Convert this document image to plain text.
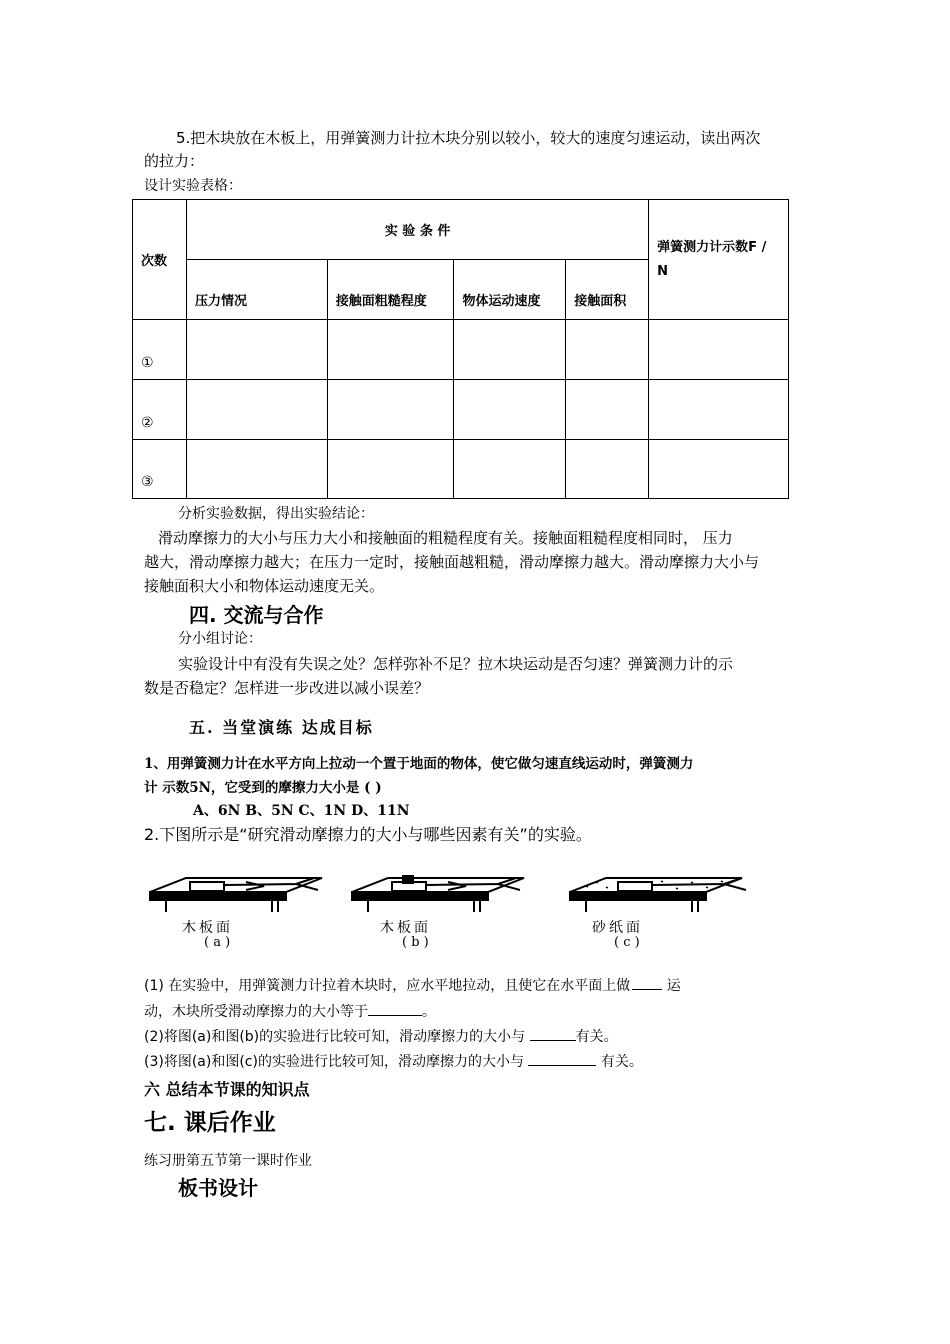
5.把木块放在木板上，用弹簧测力计拉木块分别以较小，较大的速度匀速运动，读出两次
的拉力：
设计实验表格：
次数	实 验 条 件				弹簧测力计示数F / N
	压力情况	接触面粗糙程度	物体运动速度	接触面积	
①					
②					
③					
分析实验数据，得出实验结论：
滑动摩擦力的大小与压力大小和接触面的粗糙程度有关。接触面粗糙程度相同时， 压力
越大，滑动摩擦力越大；在压力一定时，接触面越粗糙，滑动摩擦力越大。滑动摩擦力大小与
接触面积大小和物体运动速度无关。
四. 交流与合作
分小组讨论：
实验设计中有没有失误之处？怎样弥补不足？拉木块运动是否匀速？弹簧测力计的示
数是否稳定？怎样进一步改进以减小误差？
五. 当堂演练 达成目标
1、用弹簧测力计在水平方向上拉动一个置于地面的物体，使它做匀速直线运动时，弹簧测力
计 示数5N，它受到的摩擦力大小是 ( )
A、6N B、5N C、1N D、11N
2.下图所示是“研究滑动摩擦力的大小与哪些因素有关”的实验。
木板面
( a )
木板面
( b )
砂纸面
( c )
(1) 在实验中，用弹簧测力计拉着木块时，应水平地拉动，且使它在水平面上做	运
动，木块所受滑动摩擦力的大小等于	。
(2)将图(a)和图(b)的实验进行比较可知，滑动摩擦力的大小与	有关。
(3)将图(a)和图(c)的实验进行比较可知，滑动摩擦力的大小与	有关。
六 总结本节课的知识点
七. 课后作业
练习册第五节第一课时作业
板书设计
